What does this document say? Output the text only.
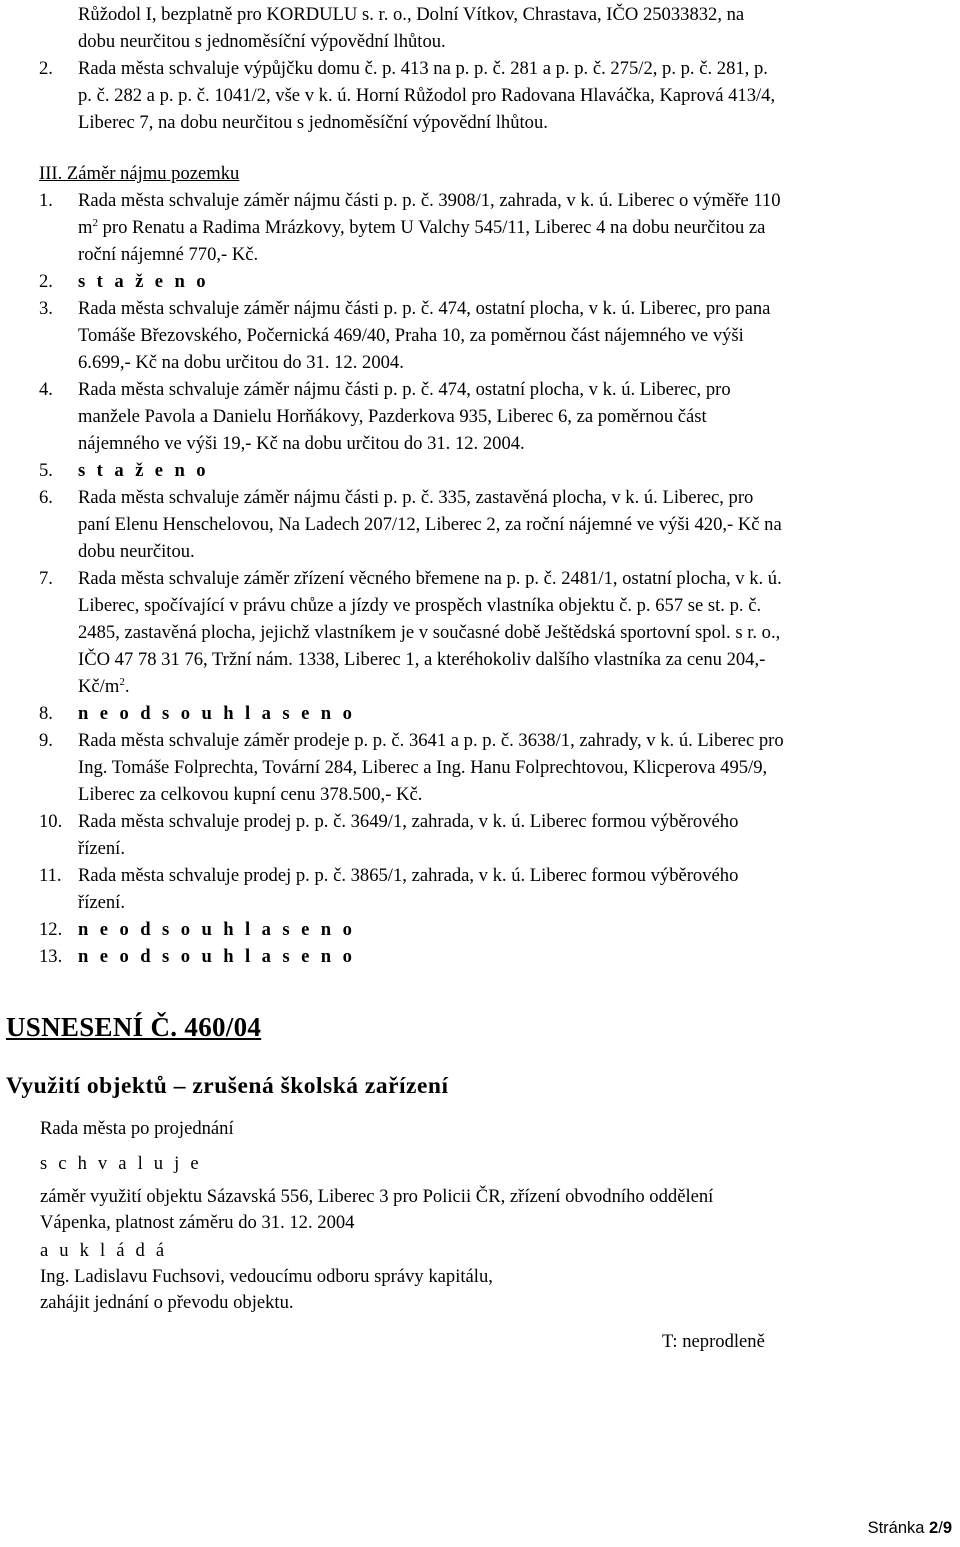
Růžodol I, bezplatně pro KORDULU s. r. o., Dolní Vítkov, Chrastava, IČO 25033832, na
dobu neurčitou s jednoměsíční výpovědní lhůtou.
2. Rada města schvaluje výpůjčku domu č. p. 413 na p. p. č. 281 a p. p. č. 275/2, p. p. č. 281, p.
p. č. 282 a p. p. č. 1041/2, vše v k. ú. Horní Růžodol pro Radovana Hlaváčka, Kaprová 413/4,
Liberec 7, na dobu neurčitou s jednoměsíční výpovědní lhůtou.
III. Záměr nájmu pozemku
1. Rada města schvaluje záměr nájmu části p. p. č. 3908/1, zahrada, v k. ú. Liberec o výměře 110
$m^2$ pro Renatu a Radima Mrázkovy, bytem U Valchy 545/11, Liberec 4 na dobu neurčitou za
roční nájemné 770,- Kč.
2. s t a ž e n o
3. Rada města schvaluje záměr nájmu části p. p. č. 474, ostatní plocha, v k. ú. Liberec, pro pana
Tomáše Březovského, Počernická 469/40, Praha 10, za poměrnou část nájemného ve výši
6.699,- Kč na dobu určitou do 31. 12. 2004.
4. Rada města schvaluje záměr nájmu části p. p. č. 474, ostatní plocha, v k. ú. Liberec, pro
manžele Pavola a Danielu Horňákovy, Pazderkova 935, Liberec 6, za poměrnou část
nájemného ve výši 19,- Kč na dobu určitou do 31. 12. 2004.
5. s t a ž e n o
6. Rada města schvaluje záměr nájmu části p. p. č. 335, zastavěná plocha, v k. ú. Liberec, pro
paní Elenu Henschelovou, Na Ladech 207/12, Liberec 2, za roční nájemné ve výši 420,- Kč na
dobu neurčitou.
7. Rada města schvaluje záměr zřízení věcného břemene na p. p. č. 2481/1, ostatní plocha, v k. ú.
Liberec, spočívající v právu chůze a jízdy ve prospěch vlastníka objektu č. p. 657 se st. p. č.
2485, zastavěná plocha, jejichž vlastníkem je v současné době Ještědská sportovní spol. s r. o.,
IČO 47 78 31 76, Tržní nám. 1338, Liberec 1, a kteréhokoliv dalšího vlastníka za cenu 204,-
$Kč/m^2$.
8. n e o d s o u h l a s e n o
9. Rada města schvaluje záměr prodeje p. p. č. 3641 a p. p. č. 3638/1, zahrady, v k. ú. Liberec pro
Ing. Tomáše Folprechta, Tovární 284, Liberec a Ing. Hanu Folprechtovou, Klicperova 495/9,
Liberec za celkovou kupní cenu 378.500,- Kč.
10. Rada města schvaluje prodej p. p. č. 3649/1, zahrada, v k. ú. Liberec formou výběrového
řízení.
11. Rada města schvaluje prodej p. p. č. 3865/1, zahrada, v k. ú. Liberec formou výběrového
řízení.
12. n e o d s o u h l a s e n o
13. n e o d s o u h l a s e n o
USNESENÍ Č. 460/04
Využití objektů – zrušená školská zařízení
Rada města po projednání
s c h v a l u j e
záměr využití objektu Sázavská 556, Liberec 3 pro Policii ČR, zřízení obvodního oddělení
Vápenka, platnost záměru do 31. 12. 2004
a u k l á d á
Ing. Ladislavu Fuchsovi, vedoucímu odboru správy kapitálu,
zahájit jednání o převodu objektu.
T: neprodleně
Stránka 2/9
